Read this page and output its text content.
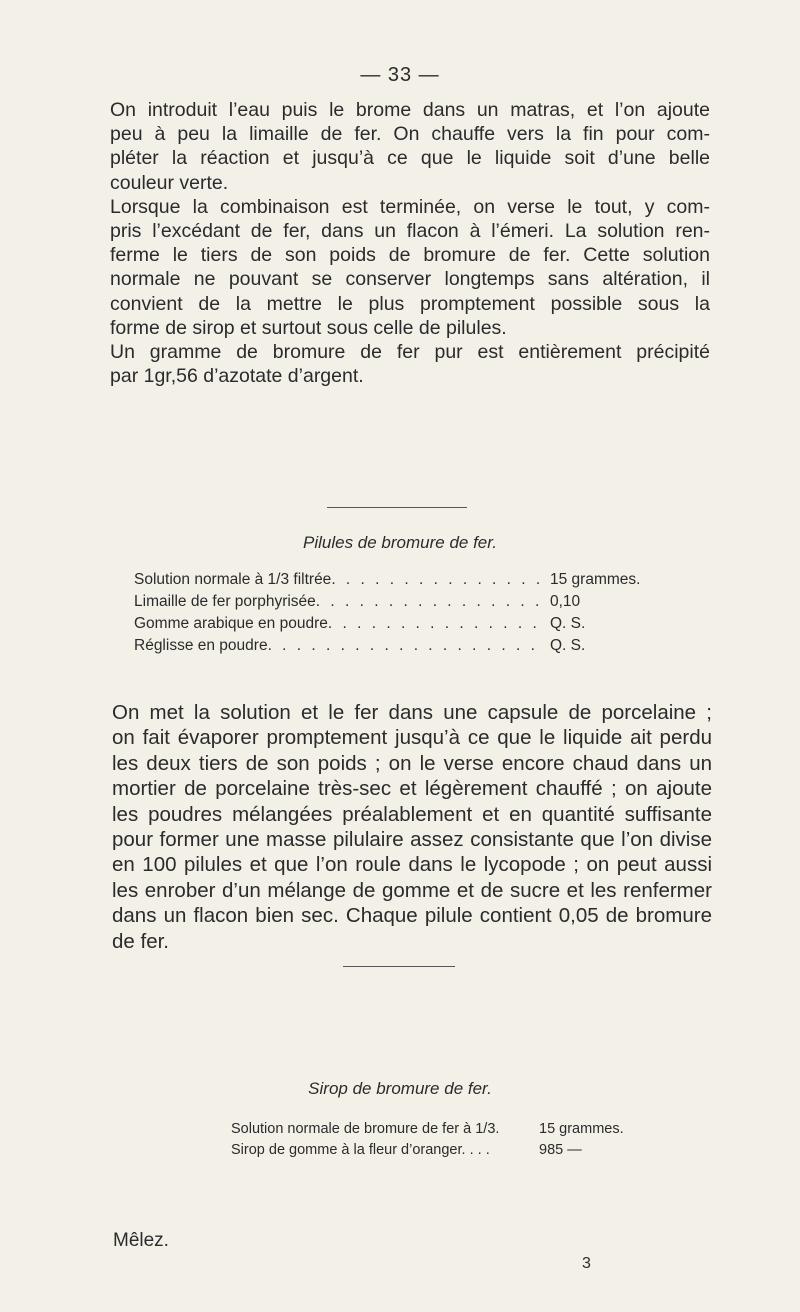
— 33 —
On introduit l’eau puis le brome dans un matras, et l’on ajoute
peu à peu la limaille de fer. On chauffe vers la fin pour com-
pléter la réaction et jusqu’à ce que le liquide soit d’une belle
couleur verte.
Lorsque la combinaison est terminée, on verse le tout, y com-
pris l’excédant de fer, dans un flacon à l’émeri. La solution ren-
ferme le tiers de son poids de bromure de fer. Cette solution
normale ne pouvant se conserver longtemps sans altération, il
convient de la mettre le plus promptement possible sous la
forme de sirop et surtout sous celle de pilules.
Un gramme de bromure de fer pur est entièrement précipité
par 1gr,56 d’azotate d’argent.
Pilules de bromure de fer.
Solution normale à 1/3 filtrée . . .	15 grammes.
Limaille de fer porphyrisée . . .	0,10
Gomme arabique en poudre . . .	Q. S.
Réglisse en poudre . . .	Q. S.
On met la solution et le fer dans une capsule de porcelaine ;
on fait évaporer promptement jusqu’à ce que le liquide ait perdu
les deux tiers de son poids ; on le verse encore chaud dans un
mortier de porcelaine très-sec et légèrement chauffé ; on ajoute
les poudres mélangées préalablement et en quantité suffisante
pour former une masse pilulaire assez consistante que l’on divise
en 100 pilules et que l’on roule dans le lycopode ; on peut aussi
les enrober d’un mélange de gomme et de sucre et les renfermer
dans un flacon bien sec. Chaque pilule contient 0,05 de bromure
de fer.
Sirop de bromure de fer.
Solution normale de bromure de fer à 1/3.	15 grammes.
Sirop de gomme à la fleur d’oranger. . . .	985 —
Mêlez.
3
